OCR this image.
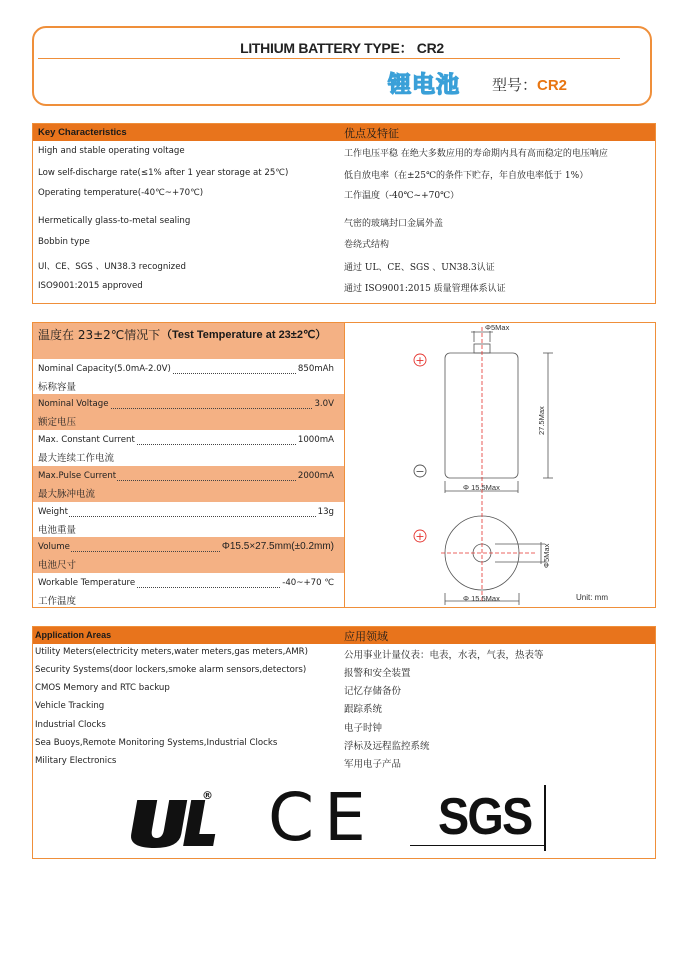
LITHIUM BATTERY TYPE： CR2
锂电池 型号：CR2
Key Characteristics	优点及特征
High and stable operating voltage	工作电压平稳 在绝大多数应用的寿命期内具有高而稳定的电压响应
Low self-discharge rate(≤1% after 1 year storage at 25℃)	低自放电率（在±25℃的条件下贮存，年自放电率低于 1%）
Operating temperature(-40℃~+70℃)	工作温度（-40℃~+70℃）
Hermetically glass-to-metal sealing	气密的玻璃封口金属外盖
Bobbin type	卷绕式结构
Ul、CE、SGS 、UN38.3 recognized	通过 UL、CE、SGS 、UN38.3认证
ISO9001:2015 approved	通过 ISO9001:2015 质量管理体系认证
温度在 23±2℃情况下 （Test Temperature at 23±2℃）
Nominal Capacity(5.0mA-2.0V)	850mAh
标称容量
Nominal Voltage	3.0V
额定电压
Max. Constant Current	1000mA
最大连续工作电流
Max.Pulse Current	2000mA
最大脉冲电流
Weight	13g
电池重量
Volume	Φ15.5×27.5mm(±0.2mm)
电池尺寸
Workable Temperature	-40~+70 ℃
工作温度
+
−
+
Φ5Max
27.5Max
Φ 15.5Max
Φ5Max
Φ 15.5Max	Unit: mm
Application Areas	应用领域
Utility Meters(electricity meters,water meters,gas meters,AMR)	公用事业计量仪表：电表，水表，气表，热表等
Security Systems(door lockers,smoke alarm sensors,detectors)	报警和安全装置
CMOS Memory and RTC backup	记忆存储备份
Vehicle Tracking	跟踪系统
Industrial Clocks	电子时钟
Sea Buoys,Remote Monitoring Systems,Industrial Clocks	浮标及远程监控系统
Military Electronics	军用电子产品
® CE SGS
